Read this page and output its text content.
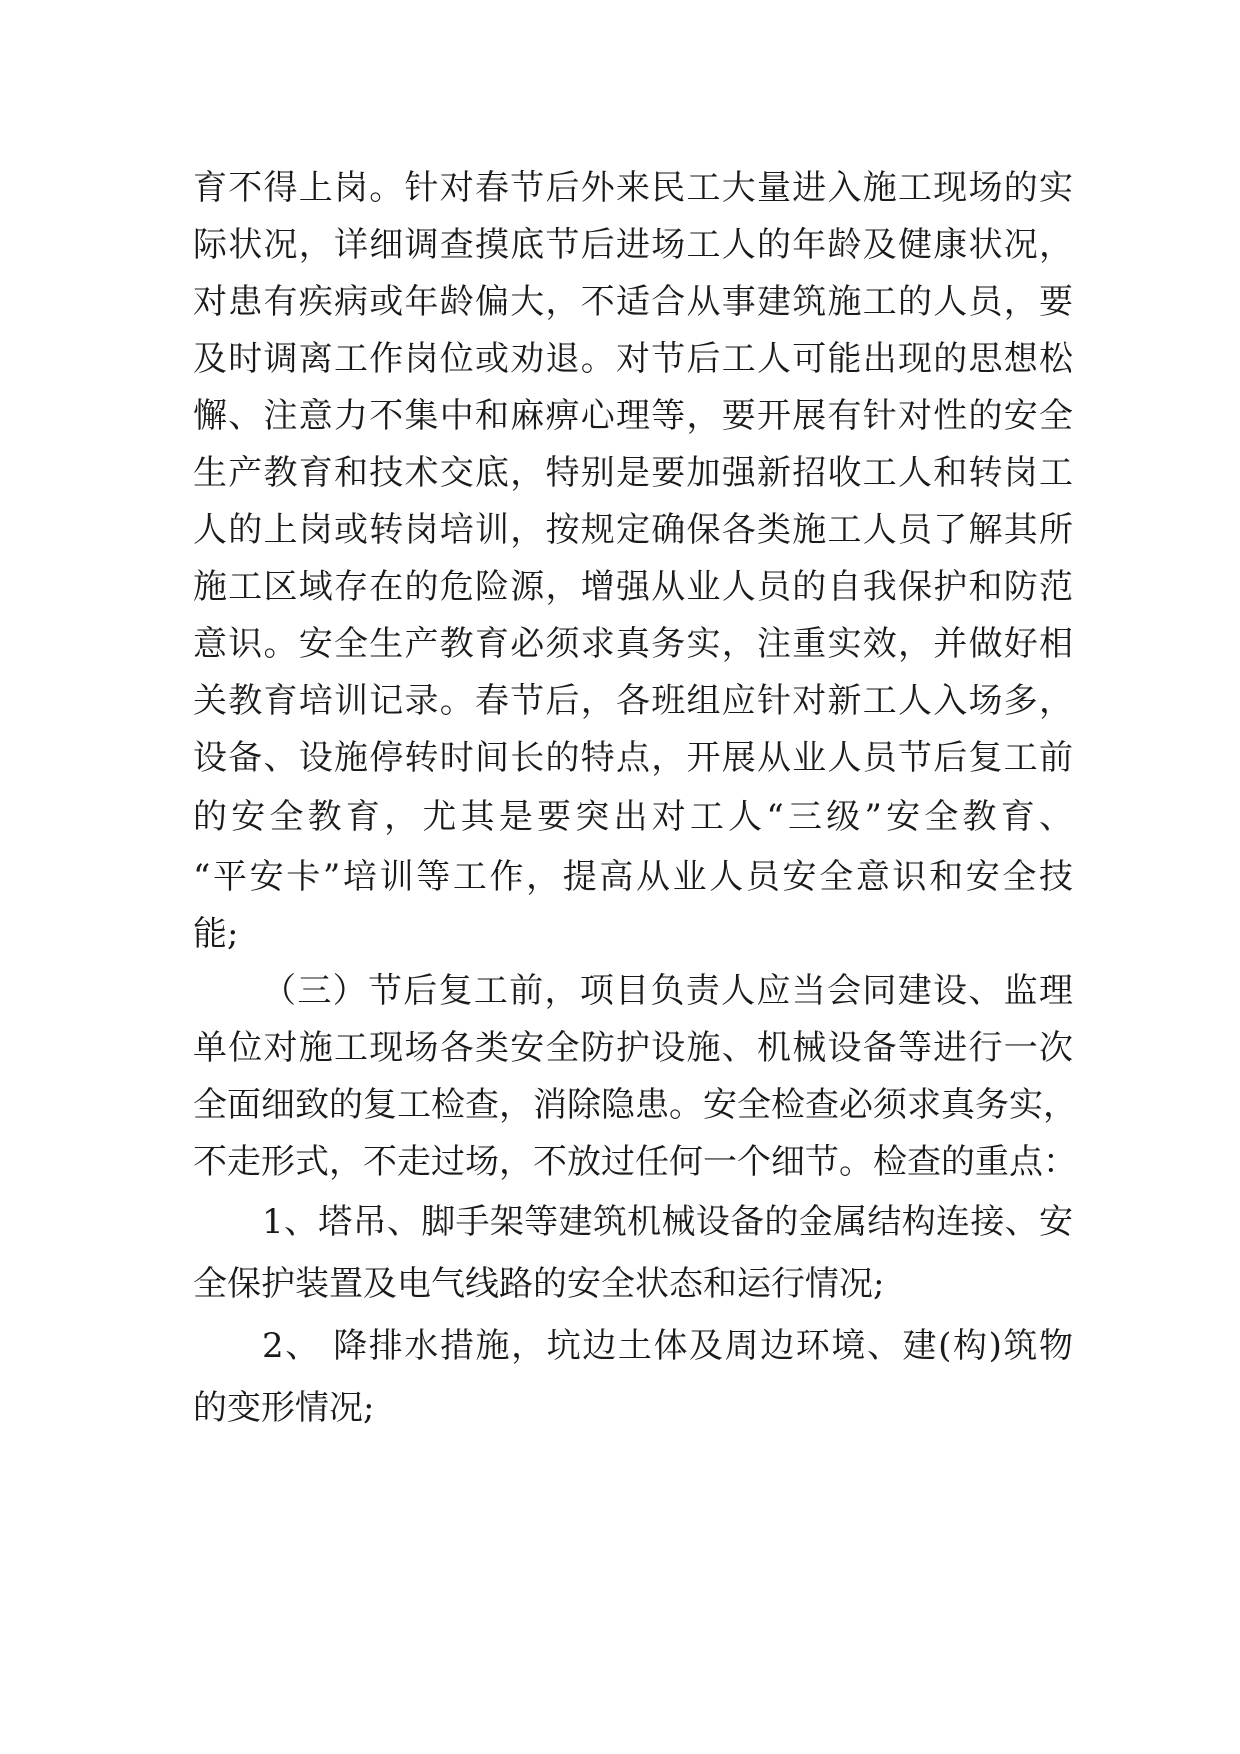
育不得上岗。针对春节后外来民工大量进入施工现场的实
际状况，详细调查摸底节后进场工人的年龄及健康状况，
对患有疾病或年龄偏大，不适合从事建筑施工的人员，要
及时调离工作岗位或劝退。对节后工人可能出现的思想松
懈、注意力不集中和麻痹心理等，要开展有针对性的安全
生产教育和技术交底，特别是要加强新招收工人和转岗工
人的上岗或转岗培训，按规定确保各类施工人员了解其所
施工区域存在的危险源，增强从业人员的自我保护和防范
意识。安全生产教育必须求真务实，注重实效，并做好相
关教育培训记录。春节后，各班组应针对新工人入场多，
设备、设施停转时间长的特点，开展从业人员节后复工前
的安全教育，尤其是要突出对工人“三级”安全教育、
“平安卡”培训等工作，提高从业人员安全意识和安全技
能;
（三）节后复工前，项目负责人应当会同建设、监理
单位对施工现场各类安全防护设施、机械设备等进行一次
全面细致的复工检查，消除隐患。安全检查必须求真务实，
不走形式，不走过场，不放过任何一个细节。检查的重点：
1、塔吊、脚手架等建筑机械设备的金属结构连接、安
全保护装置及电气线路的安全状态和运行情况;
2、 降排水措施，坑边土体及周边环境、建(构)筑物
的变形情况;
